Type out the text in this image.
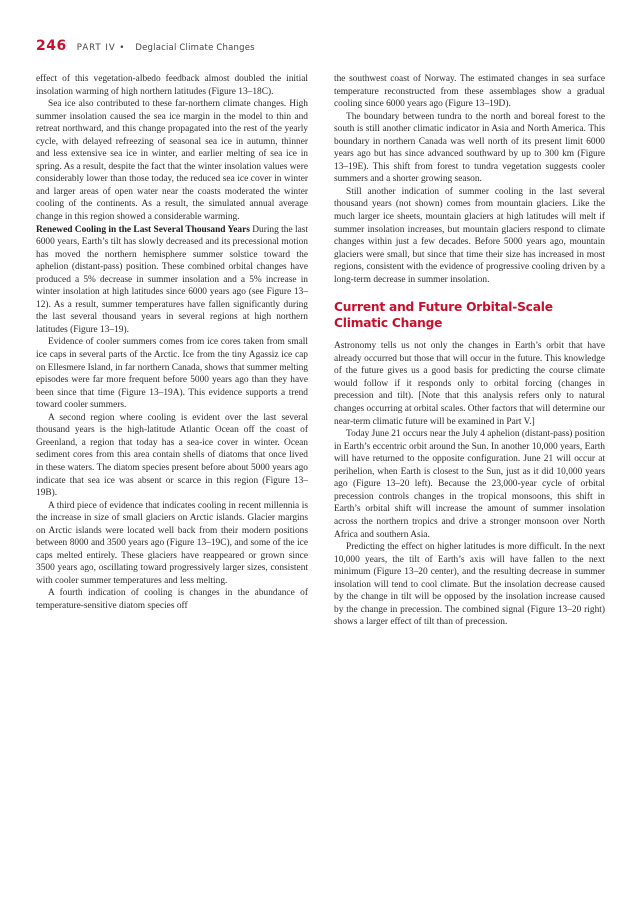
246 PART IV • Deglacial Climate Changes

effect of this vegetation-albedo feedback almost doubled the initial insolation warming of high northern latitudes (Figure 13–18C).

Sea ice also contributed to these far-northern climate changes. High summer insolation caused the sea ice margin in the model to thin and retreat northward, and this change propagated into the rest of the yearly cycle, with delayed refreezing of seasonal sea ice in autumn, thinner and less extensive sea ice in winter, and earlier melting of sea ice in spring. As a result, despite the fact that the winter insolation values were considerably lower than those today, the reduced sea ice cover in winter and larger areas of open water near the coasts moderated the winter cooling of the continents. As a result, the simulated annual average change in this region showed a considerable warming.

Renewed Cooling in the Last Several Thousand Years During the last 6000 years, Earth’s tilt has slowly decreased and its precessional motion has moved the northern hemisphere summer solstice toward the aphelion (distant-pass) position. These combined orbital changes have produced a 5% decrease in summer insolation and a 5% increase in winter insolation at high latitudes since 6000 years ago (see Figure 13–12). As a result, summer temperatures have fallen significantly during the last several thousand years in several regions at high northern latitudes (Figure 13–19).

Evidence of cooler summers comes from ice cores taken from small ice caps in several parts of the Arctic. Ice from the tiny Agassiz ice cap on Ellesmere Island, in far northern Canada, shows that summer melting episodes were far more frequent before 5000 years ago than they have been since that time (Figure 13–19A). This evidence supports a trend toward cooler summers.

A second region where cooling is evident over the last several thousand years is the high-latitude Atlantic Ocean off the coast of Greenland, a region that today has a sea-ice cover in winter. Ocean sediment cores from this area contain shells of diatoms that once lived in these waters. The diatom species present before about 5000 years ago indicate that sea ice was absent or scarce in this region (Figure 13–19B).

A third piece of evidence that indicates cooling in recent millennia is the increase in size of small glaciers on Arctic islands. Glacier margins on Arctic islands were located well back from their modern positions between 8000 and 3500 years ago (Figure 13–19C), and some of the ice caps melted entirely. These glaciers have reappeared or grown since 3500 years ago, oscillating toward progressively larger sizes, consistent with cooler summer temperatures and less melting.

A fourth indication of cooling is changes in the abundance of temperature-sensitive diatom species off

the southwest coast of Norway. The estimated changes in sea surface temperature reconstructed from these assemblages show a gradual cooling since 6000 years ago (Figure 13–19D).

The boundary between tundra to the north and boreal forest to the south is still another climatic indicator in Asia and North America. This boundary in northern Canada was well north of its present limit 6000 years ago but has since advanced southward by up to 300 km (Figure 13–19E). This shift from forest to tundra vegetation suggests cooler summers and a shorter growing season.

Still another indication of summer cooling in the last several thousand years (not shown) comes from mountain glaciers. Like the much larger ice sheets, mountain glaciers at high latitudes will melt if summer insolation increases, but mountain glaciers respond to climate changes within just a few decades. Before 5000 years ago, mountain glaciers were small, but since that time their size has increased in most regions, consistent with the evidence of progressive cooling driven by a long-term decrease in summer insolation.

Current and Future Orbital-Scale
Climatic Change

Astronomy tells us not only the changes in Earth’s orbit that have already occurred but those that will occur in the future. This knowledge of the future gives us a good basis for predicting the course climate would follow if it responds only to orbital forcing (changes in precession and tilt). [Note that this analysis refers only to natural changes occurring at orbital scales. Other factors that will determine our near-term climatic future will be examined in Part V.]

Today June 21 occurs near the July 4 aphelion (distant-pass) position in Earth’s eccentric orbit around the Sun. In another 10,000 years, Earth will have returned to the opposite configuration. June 21 will occur at perihelion, when Earth is closest to the Sun, just as it did 10,000 years ago (Figure 13–20 left). Because the 23,000-year cycle of orbital precession controls changes in the tropical monsoons, this shift in Earth’s orbital shift will increase the amount of summer insolation across the northern tropics and drive a stronger monsoon over North Africa and southern Asia.

Predicting the effect on higher latitudes is more difficult. In the next 10,000 years, the tilt of Earth’s axis will have fallen to the next minimum (Figure 13–20 center), and the resulting decrease in summer insolation will tend to cool climate. But the insolation decrease caused by the change in tilt will be opposed by the insolation increase caused by the change in precession. The combined signal (Figure 13–20 right) shows a larger effect of tilt than of precession.
